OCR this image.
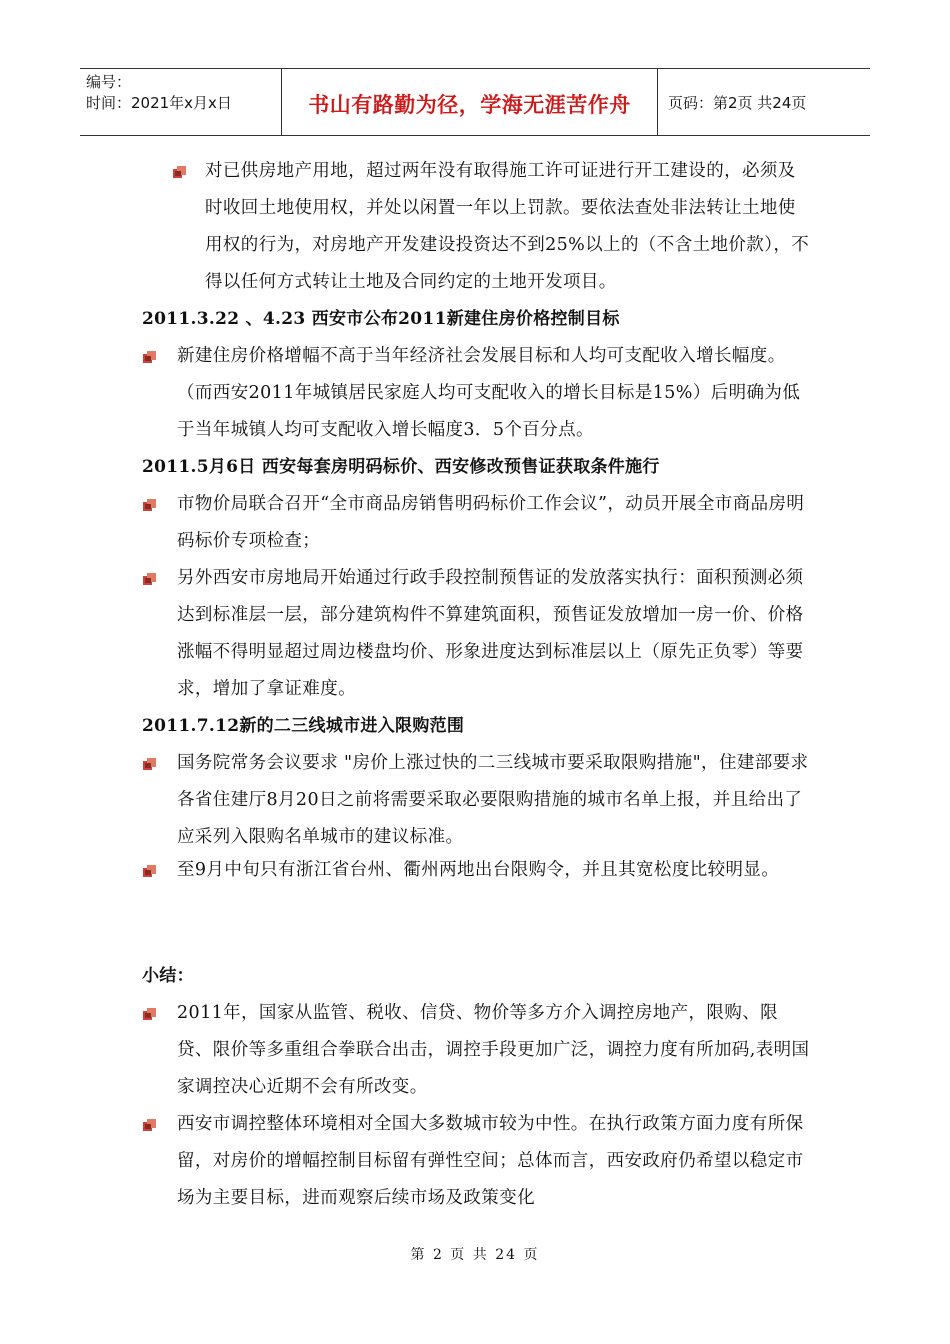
编号：
时间：2021年x月x日	书山有路勤为径，学海无涯苦作舟	页码：第2页 共24页
对已供房地产用地，超过两年没有取得施工许可证进行开工建设的，必须及时收回土地使用权，并处以闲置一年以上罚款。要依法查处非法转让土地使用权的行为，对房地产开发建设投资达不到25%以上的（不含土地价款），不得以任何方式转让土地及合同约定的土地开发项目。
2011.3.22 、4.23 西安市公布2011新建住房价格控制目标
新建住房价格增幅不高于当年经济社会发展目标和人均可支配收入增长幅度。（而西安2011年城镇居民家庭人均可支配收入的增长目标是15%）后明确为低于当年城镇人均可支配收入增长幅度3．5个百分点。
2011.5月6日 西安每套房明码标价、西安修改预售证获取条件施行
市物价局联合召开“全市商品房销售明码标价工作会议”，动员开展全市商品房明码标价专项检查；
另外西安市房地局开始通过行政手段控制预售证的发放落实执行：面积预测必须达到标准层一层，部分建筑构件不算建筑面积，预售证发放增加一房一价、价格涨幅不得明显超过周边楼盘均价、形象进度达到标准层以上（原先正负零）等要求，增加了拿证难度。
2011.7.12新的二三线城市进入限购范围
国务院常务会议要求 "房价上涨过快的二三线城市要采取限购措施"，住建部要求各省住建厅8月20日之前将需要采取必要限购措施的城市名单上报，并且给出了应采列入限购名单城市的建议标准。
至9月中旬只有浙江省台州、衢州两地出台限购令，并且其宽松度比较明显。
小结：
2011年，国家从监管、税收、信贷、物价等多方介入调控房地产，限购、限贷、限价等多重组合拳联合出击，调控手段更加广泛，调控力度有所加码,表明国家调控决心近期不会有所改变。
西安市调控整体环境相对全国大多数城市较为中性。在执行政策方面力度有所保留，对房价的增幅控制目标留有弹性空间；总体而言，西安政府仍希望以稳定市场为主要目标，进而观察后续市场及政策变化
第 2 页 共 24 页
